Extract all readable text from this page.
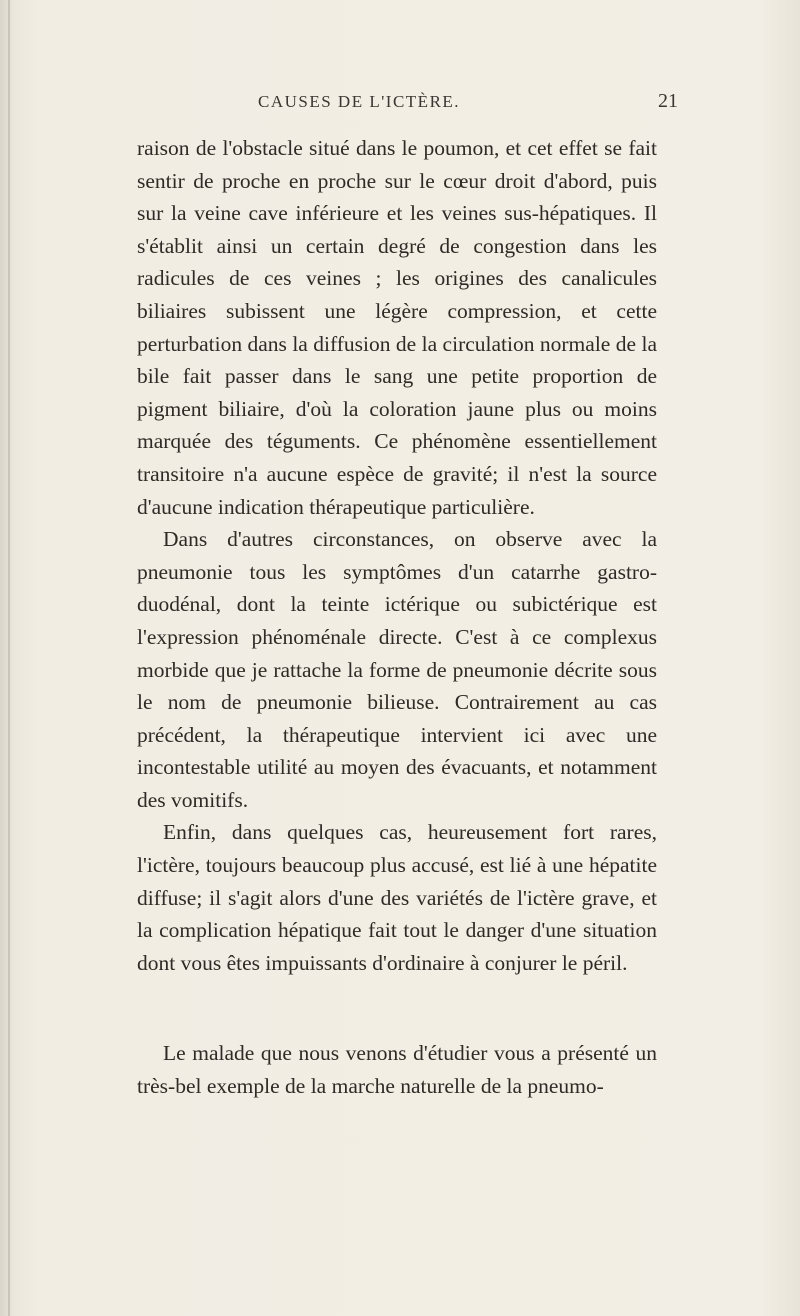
CAUSES DE L'ICTÈRE.	21

raison de l'obstacle situé dans le poumon, et cet effet se fait sentir de proche en proche sur le cœur droit d'abord, puis sur la veine cave inférieure et les veines sus-hépatiques. Il s'établit ainsi un certain degré de congestion dans les radicules de ces veines ; les origines des canalicules biliaires subissent une légère compression, et cette perturbation dans la diffusion de la circulation normale de la bile fait passer dans le sang une petite proportion de pigment biliaire, d'où la coloration jaune plus ou moins marquée des téguments. Ce phénomène essentiellement transitoire n'a aucune espèce de gravité; il n'est la source d'aucune indication thérapeutique particulière.

Dans d'autres circonstances, on observe avec la pneumonie tous les symptômes d'un catarrhe gastro-duodénal, dont la teinte ictérique ou subictérique est l'expression phénoménale directe. C'est à ce complexus morbide que je rattache la forme de pneumonie décrite sous le nom de pneumonie bilieuse. Contrairement au cas précédent, la thérapeutique intervient ici avec une incontestable utilité au moyen des évacuants, et notamment des vomitifs.

Enfin, dans quelques cas, heureusement fort rares, l'ictère, toujours beaucoup plus accusé, est lié à une hépatite diffuse; il s'agit alors d'une des variétés de l'ictère grave, et la complication hépatique fait tout le danger d'une situation dont vous êtes impuissants d'ordinaire à conjurer le péril.

Le malade que nous venons d'étudier vous a présenté un très-bel exemple de la marche naturelle de la pneumo-
